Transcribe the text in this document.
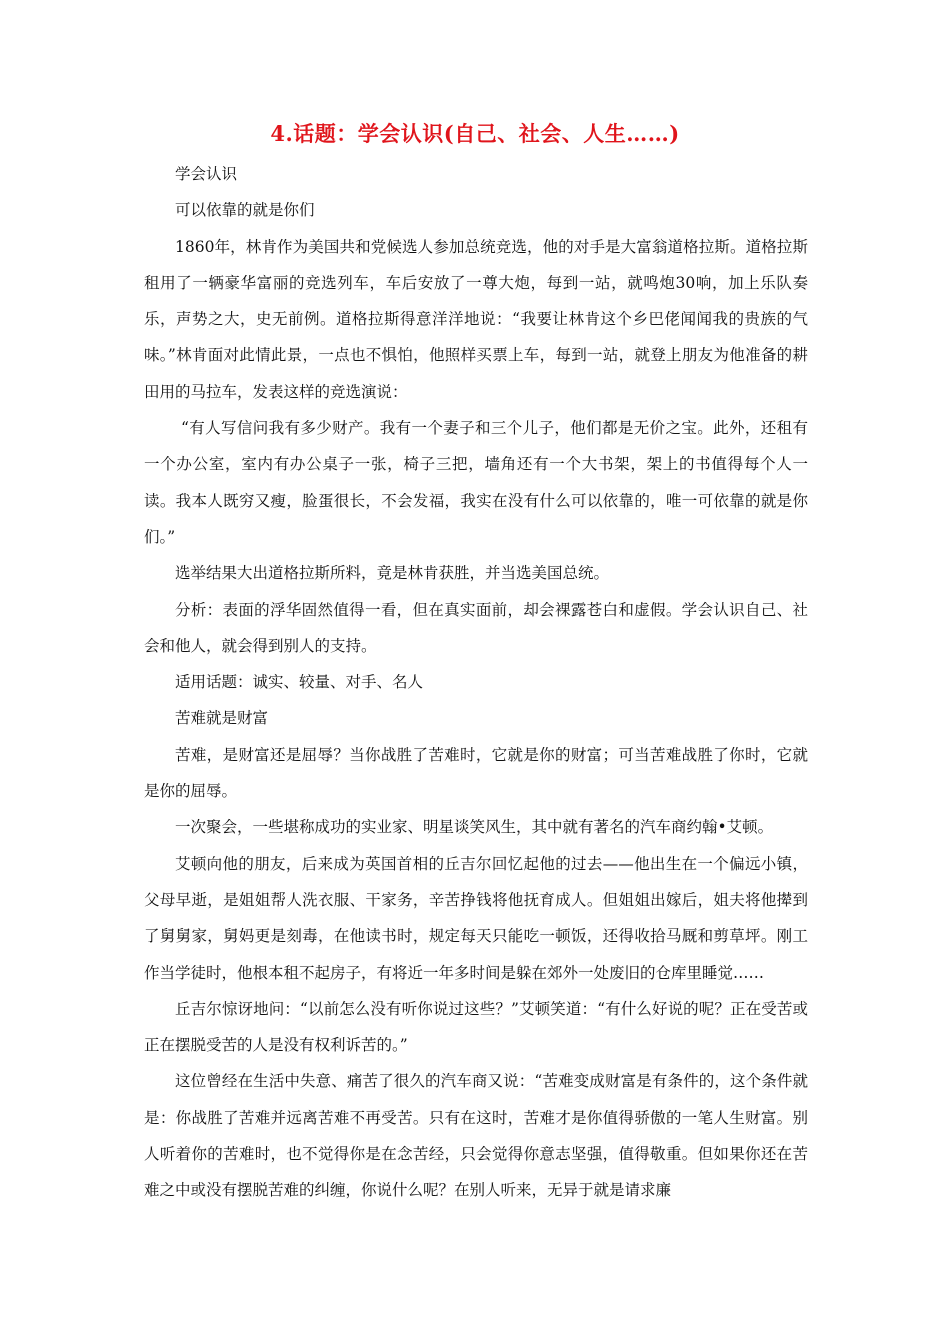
4.话题：学会认识(自己、社会、人生……)

学会认识

可以依靠的就是你们

1860年，林肯作为美国共和党候选人参加总统竞选，他的对手是大富翁道格拉斯。道格拉斯租用了一辆豪华富丽的竞选列车，车后安放了一尊大炮，每到一站，就鸣炮30响，加上乐队奏乐，声势之大，史无前例。道格拉斯得意洋洋地说：“我要让林肯这个乡巴佬闻闻我的贵族的气味。”林肯面对此情此景，一点也不惧怕，他照样买票上车，每到一站，就登上朋友为他准备的耕田用的马拉车，发表这样的竞选演说：

“有人写信问我有多少财产。我有一个妻子和三个儿子，他们都是无价之宝。此外，还租有一个办公室，室内有办公桌子一张，椅子三把，墙角还有一个大书架，架上的书值得每个人一读。我本人既穷又瘦，脸蛋很长，不会发福，我实在没有什么可以依靠的，唯一可依靠的就是你们。”

选举结果大出道格拉斯所料，竟是林肯获胜，并当选美国总统。

分析：表面的浮华固然值得一看，但在真实面前，却会裸露苍白和虚假。学会认识自己、社会和他人，就会得到别人的支持。

适用话题：诚实、较量、对手、名人

苦难就是财富

苦难，是财富还是屈辱？当你战胜了苦难时，它就是你的财富；可当苦难战胜了你时，它就是你的屈辱。

一次聚会，一些堪称成功的实业家、明星谈笑风生，其中就有著名的汽车商约翰•艾顿。

艾顿向他的朋友，后来成为英国首相的丘吉尔回忆起他的过去——他出生在一个偏远小镇，父母早逝，是姐姐帮人洗衣服、干家务，辛苦挣钱将他抚育成人。但姐姐出嫁后，姐夫将他撵到了舅舅家，舅妈更是刻毒，在他读书时，规定每天只能吃一顿饭，还得收拾马厩和剪草坪。刚工作当学徒时，他根本租不起房子，有将近一年多时间是躲在郊外一处废旧的仓库里睡觉……

丘吉尔惊讶地问：“以前怎么没有听你说过这些？”艾顿笑道：“有什么好说的呢？正在受苦或正在摆脱受苦的人是没有权利诉苦的。”

这位曾经在生活中失意、痛苦了很久的汽车商又说：“苦难变成财富是有条件的，这个条件就是：你战胜了苦难并远离苦难不再受苦。只有在这时，苦难才是你值得骄傲的一笔人生财富。别人听着你的苦难时，也不觉得你是在念苦经，只会觉得你意志坚强，值得敬重。但如果你还在苦难之中或没有摆脱苦难的纠缠，你说什么呢？在别人听来，无异于就是请求廉
